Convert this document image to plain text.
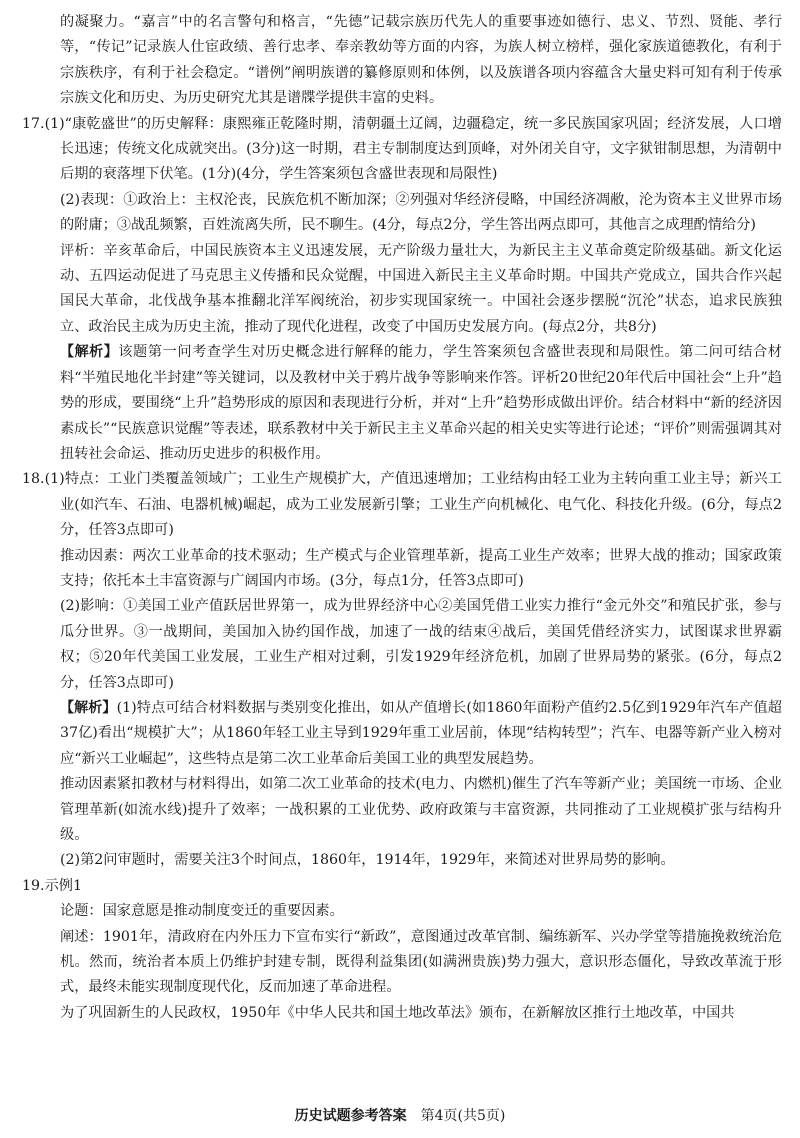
的凝聚力。“嘉言”中的名言警句和格言，“先德”记载宗族历代先人的重要事迹如德行、忠义、节烈、贤能、孝行等，“传记”记录族人仕宦政绩、善行忠孝、奉亲教幼等方面的内容，为族人树立榜样，强化家族道德教化，有利于宗族秩序，有利于社会稳定。“谱例”阐明族谱的纂修原则和体例，以及族谱各项内容蕴含大量史料可知有利于传承宗族文化和历史、为历史研究尤其是谱牒学提供丰富的史料。

17.(1)“康乾盛世”的历史解释：康熙雍正乾隆时期，清朝疆土辽阔，边疆稳定，统一多民族国家巩固；经济发展，人口增长迅速；传统文化成就突出。(3分)这一时期，君主专制制度达到顶峰，对外闭关自守，文字狱钳制思想，为清朝中后期的衰落埋下伏笔。(1分)(4分，学生答案须包含盛世表现和局限性)

(2)表现：①政治上：主权沦丧，民族危机不断加深；②列强对华经济侵略，中国经济凋敝，沦为资本主义世界市场的附庸；③战乱频繁，百姓流离失所，民不聊生。(4分，每点2分，学生答出两点即可，其他言之成理酌情给分)

评析：辛亥革命后，中国民族资本主义迅速发展，无产阶级力量壮大，为新民主主义革命奠定阶级基础。新文化运动、五四运动促进了马克思主义传播和民众觉醒，中国进入新民主主义革命时期。中国共产党成立，国共合作兴起国民大革命，北伐战争基本推翻北洋军阀统治，初步实现国家统一。中国社会逐步摆脱“沉沦”状态，追求民族独立、政治民主成为历史主流，推动了现代化进程，改变了中国历史发展方向。(每点2分，共8分)

【解析】该题第一问考查学生对历史概念进行解释的能力，学生答案须包含盛世表现和局限性。第二问可结合材料“半殖民地化半封建”等关键词，以及教材中关于鸦片战争等影响来作答。评析20世纪20年代后中国社会“上升”趋势的形成，要围绕“上升”趋势形成的原因和表现进行分析，并对“上升”趋势形成做出评价。结合材料中“新的经济因素成长”“民族意识觉醒”等表述，联系教材中关于新民主主义革命兴起的相关史实等进行论述；“评价”则需强调其对扭转社会命运、推动历史进步的积极作用。

18.(1)特点：工业门类覆盖领域广；工业生产规模扩大，产值迅速增加；工业结构由轻工业为主转向重工业主导；新兴工业(如汽车、石油、电器机械)崛起，成为工业发展新引擎；工业生产向机械化、电气化、科技化升级。(6分，每点2分，任答3点即可)

推动因素：两次工业革命的技术驱动；生产模式与企业管理革新，提高工业生产效率；世界大战的推动；国家政策支持；依托本土丰富资源与广阔国内市场。(3分，每点1分，任答3点即可)

(2)影响：①美国工业产值跃居世界第一，成为世界经济中心②美国凭借工业实力推行“金元外交”和殖民扩张，参与瓜分世界。③一战期间，美国加入协约国作战，加速了一战的结束④战后，美国凭借经济实力，试图谋求世界霸权；⑤20年代美国工业发展，工业生产相对过剩，引发1929年经济危机，加剧了世界局势的紧张。(6分，每点2分，任答3点即可)

【解析】(1)特点可结合材料数据与类别变化推出，如从产值增长(如1860年面粉产值约2.5亿到1929年汽车产值超37亿)看出“规模扩大”；从1860年轻工业主导到1929年重工业居前，体现“结构转型”；汽车、电器等新产业入榜对应“新兴工业崛起”，这些特点是第二次工业革命后美国工业的典型发展趋势。

推动因素紧扣教材与材料得出，如第二次工业革命的技术(电力、内燃机)催生了汽车等新产业；美国统一市场、企业管理革新(如流水线)提升了效率；一战积累的工业优势、政府政策与丰富资源，共同推动了工业规模扩张与结构升级。

(2)第2问审题时，需要关注3个时间点，1860年，1914年，1929年，来简述对世界局势的影响。

19.示例1

论题：国家意愿是推动制度变迁的重要因素。

阐述：1901年，清政府在内外压力下宣布实行“新政”，意图通过改革官制、编练新军、兴办学堂等措施挽救统治危机。然而，统治者本质上仍维护封建专制，既得利益集团(如满洲贵族)势力强大，意识形态僵化，导致改革流于形式，最终未能实现制度现代化，反而加速了革命进程。

为了巩固新生的人民政权，1950年《中华人民共和国土地改革法》颁布，在新解放区推行土地改革，中国共

历史试题参考答案 第4页(共5页)
